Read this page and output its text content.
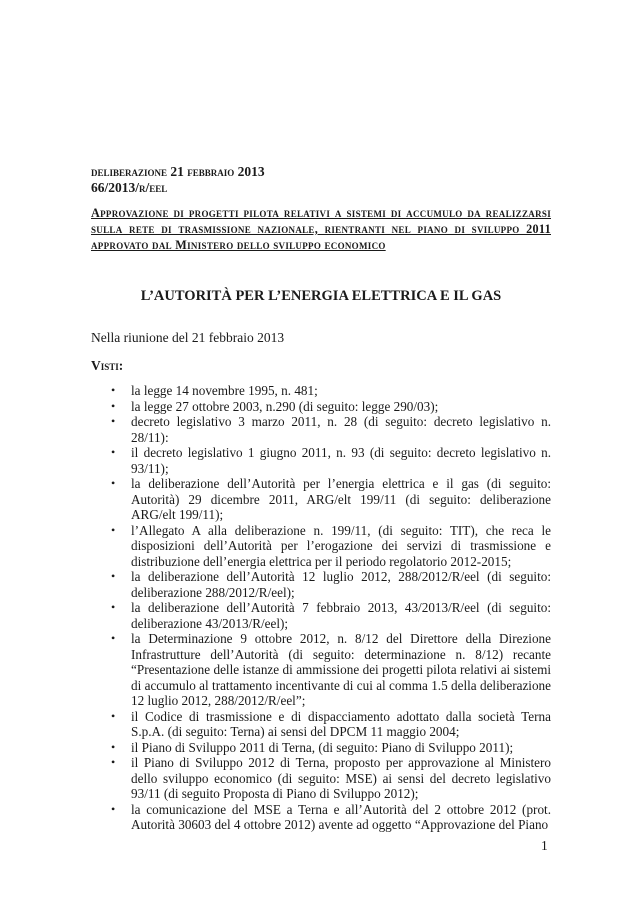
deliberazione 21 febbraio 2013
66/2013/r/eel
Approvazione di progetti pilota relativi a sistemi di accumulo da realizzarsi sulla rete di trasmissione nazionale, rientranti nel piano di sviluppo 2011 approvato dal Ministero dello sviluppo economico
L’AUTORITÀ PER L’ENERGIA ELETTRICA E IL GAS
Nella riunione del 21 febbraio 2013
Visti:
• la legge 14 novembre 1995, n. 481;
• la legge 27 ottobre 2003, n.290 (di seguito: legge 290/03);
• decreto legislativo 3 marzo 2011, n. 28 (di seguito: decreto legislativo n. 28/11):
• il decreto legislativo 1 giugno 2011, n. 93 (di seguito: decreto legislativo n. 93/11);
• la deliberazione dell’Autorità per l’energia elettrica e il gas (di seguito: Autorità) 29 dicembre 2011, ARG/elt 199/11 (di seguito: deliberazione ARG/elt 199/11);
• l’Allegato A alla deliberazione n. 199/11, (di seguito: TIT), che reca le disposizioni dell’Autorità per l’erogazione dei servizi di trasmissione e distribuzione dell’energia elettrica per il periodo regolatorio 2012-2015;
• la deliberazione dell’Autorità 12 luglio 2012, 288/2012/R/eel (di seguito: deliberazione 288/2012/R/eel);
• la deliberazione dell’Autorità 7 febbraio 2013, 43/2013/R/eel (di seguito: deliberazione 43/2013/R/eel);
• la Determinazione 9 ottobre 2012, n. 8/12 del Direttore della Direzione Infrastrutture dell’Autorità (di seguito: determinazione n. 8/12) recante “Presentazione delle istanze di ammissione dei progetti pilota relativi ai sistemi di accumulo al trattamento incentivante di cui al comma 1.5 della deliberazione 12 luglio 2012, 288/2012/R/eel”;
• il Codice di trasmissione e di dispacciamento adottato dalla società Terna S.p.A. (di seguito: Terna) ai sensi del DPCM 11 maggio 2004;
• il Piano di Sviluppo 2011 di Terna, (di seguito: Piano di Sviluppo 2011);
• il Piano di Sviluppo 2012 di Terna, proposto per approvazione al Ministero dello sviluppo economico (di seguito: MSE) ai sensi del decreto legislativo 93/11 (di seguito Proposta di Piano di Sviluppo 2012);
• la comunicazione del MSE a Terna e all’Autorità del 2 ottobre 2012 (prot. Autorità 30603 del 4 ottobre 2012) avente ad oggetto “Approvazione del Piano
1
